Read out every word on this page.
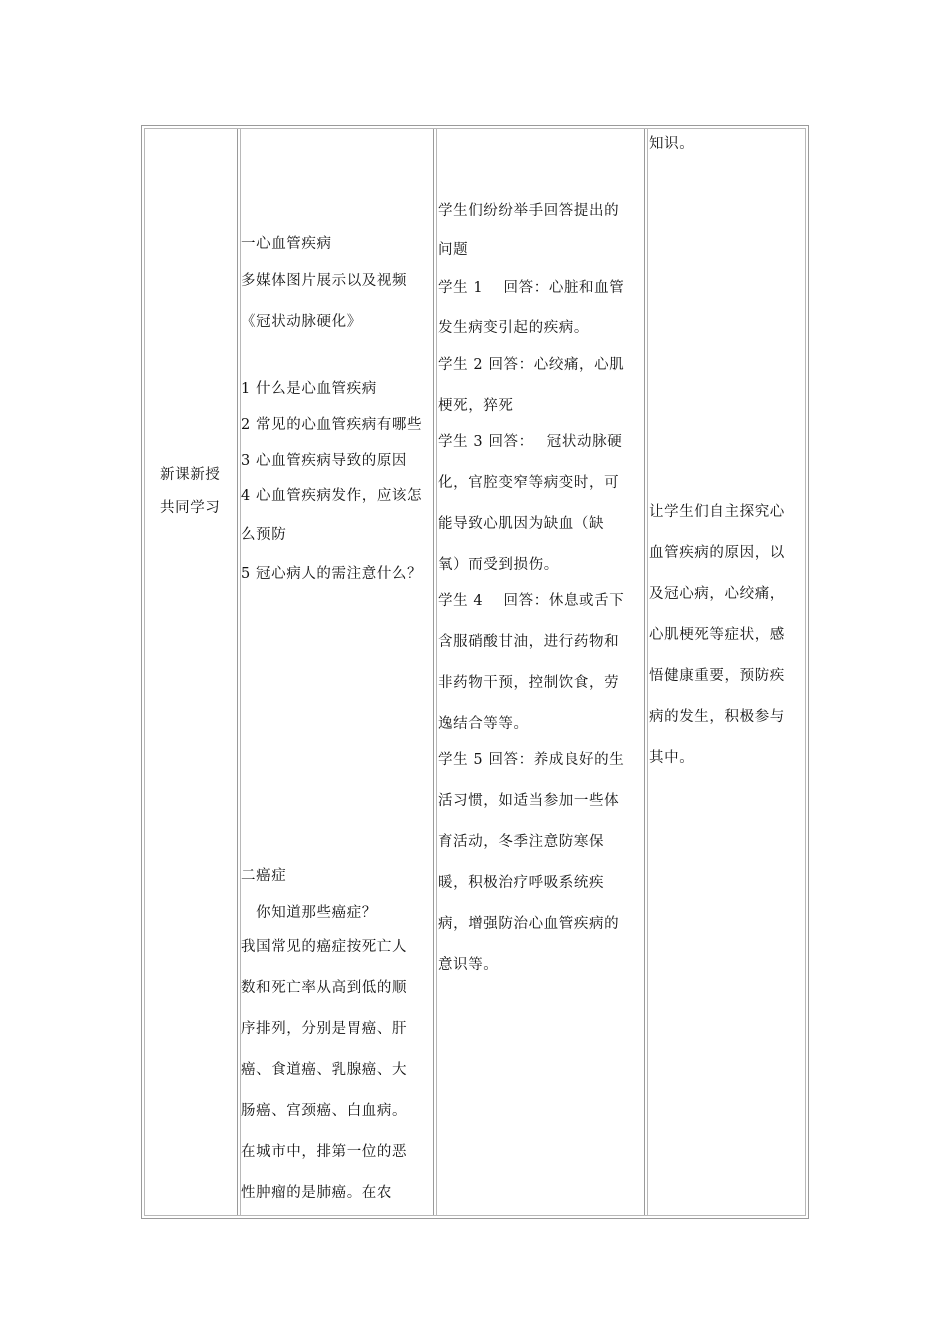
新课新授
共同学习
一心血管疾病
多媒体图片展示以及视频
《冠状动脉硬化》
1 什么是心血管疾病
2 常见的心血管疾病有哪些
3 心血管疾病导致的原因
4 心血管疾病发作，应该怎
么预防
5 冠心病人的需注意什么？
二癌症
　你知道那些癌症？
我国常见的癌症按死亡人
数和死亡率从高到低的顺
序排列，分别是胃癌、肝
癌、食道癌、乳腺癌、大
肠癌、宫颈癌、白血病。
在城市中，排第一位的恶
性肿瘤的是肺癌。在农
学生们纷纷举手回答提出的
问题
学生 1　 回答：心脏和血管
发生病变引起的疾病。
学生 2 回答：心绞痛，心肌
梗死，猝死
学生 3 回答：　 冠状动脉硬
化，官腔变窄等病变时，可
能导致心肌因为缺血（缺
氧）而受到损伤。
学生 4　 回答：休息或舌下
含服硝酸甘油，进行药物和
非药物干预，控制饮食，劳
逸结合等等。
学生 5 回答：养成良好的生
活习惯，如适当参加一些体
育活动，冬季注意防寒保
暖，积极治疗呼吸系统疾
病，增强防治心血管疾病的
意识等。
知识。
让学生们自主探究心
血管疾病的原因，以
及冠心病，心绞痛，
心肌梗死等症状，感
悟健康重要，预防疾
病的发生，积极参与
其中。
